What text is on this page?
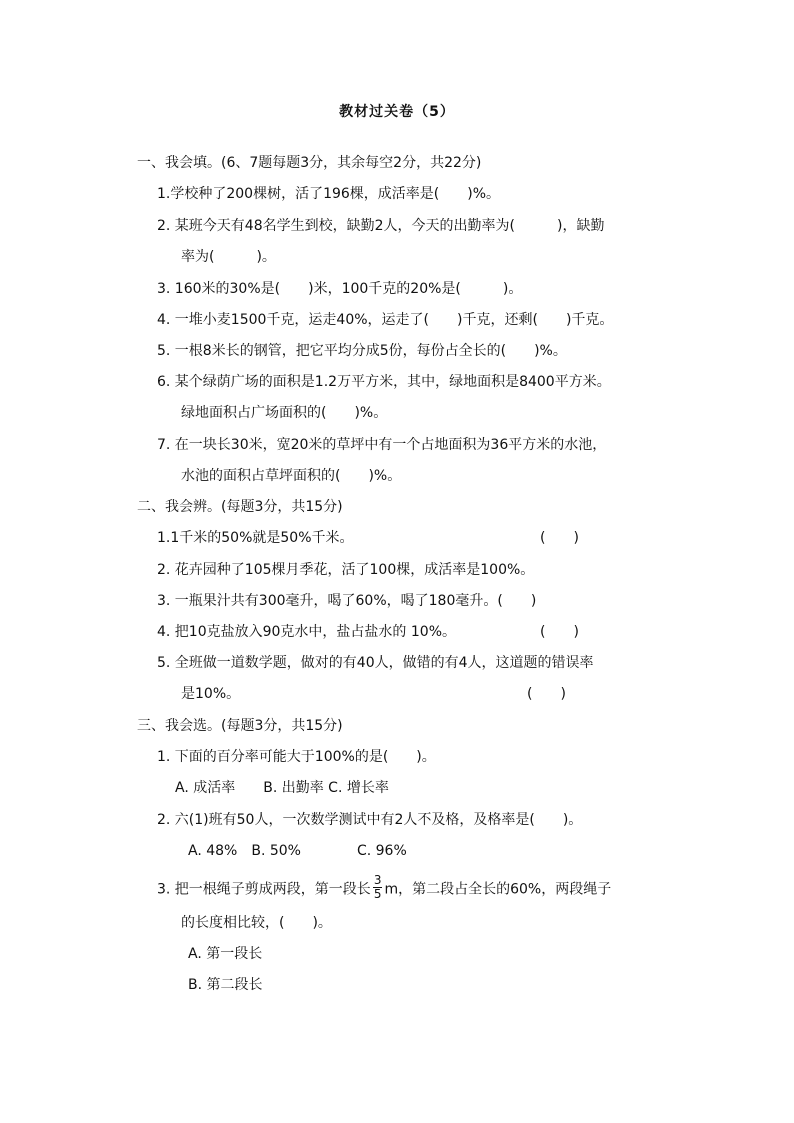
教材过关卷（5）
一、我会填。(6、7题每题3分，其余每空2分，共22分)
1.学校种了200棵树，活了196棵，成活率是(　　)%。
2. 某班今天有48名学生到校，缺勤2人，今天的出勤率为(　　　)，缺勤
率为(　　　)。
3. 160米的30%是(　　)米，100千克的20%是(　　　)。
4. 一堆小麦1500千克，运走40%，运走了(　　)千克，还剩(　　)千克。
5. 一根8米长的钢管，把它平均分成5份，每份占全长的(　　)%。
6. 某个绿荫广场的面积是1.2万平方米，其中，绿地面积是8400平方米。
绿地面积占广场面积的(　　)%。
7. 在一块长30米，宽20米的草坪中有一个占地面积为36平方米的水池，
水池的面积占草坪面积的(　　)%。
二、我会辨。(每题3分，共15分)
1.1千米的50%就是50%千米。	(　　)
2. 花卉园种了105棵月季花，活了100棵，成活率是100%。
3. 一瓶果汁共有300毫升，喝了60%，喝了180毫升。(　　)
4. 把10克盐放入90克水中，盐占盐水的 10%。	(　　)
5. 全班做一道数学题，做对的有40人，做错的有4人，这道题的错误率
是10%。	(　　)
三、我会选。(每题3分，共15分)
1. 下面的百分率可能大于100%的是(　　)。
A. 成活率　　B. 出勤率 C. 增长率
2. 六(1)班有50人，一次数学测试中有2人不及格，及格率是(　　)。
A. 48%　B. 50%　　　　C. 96%
3. 把一根绳子剪成两段，第一段长 $\frac{3}{5}$ m，第二段占全长的60%，两段绳子
的长度相比较，(　　)。
A. 第一段长
B. 第二段长
